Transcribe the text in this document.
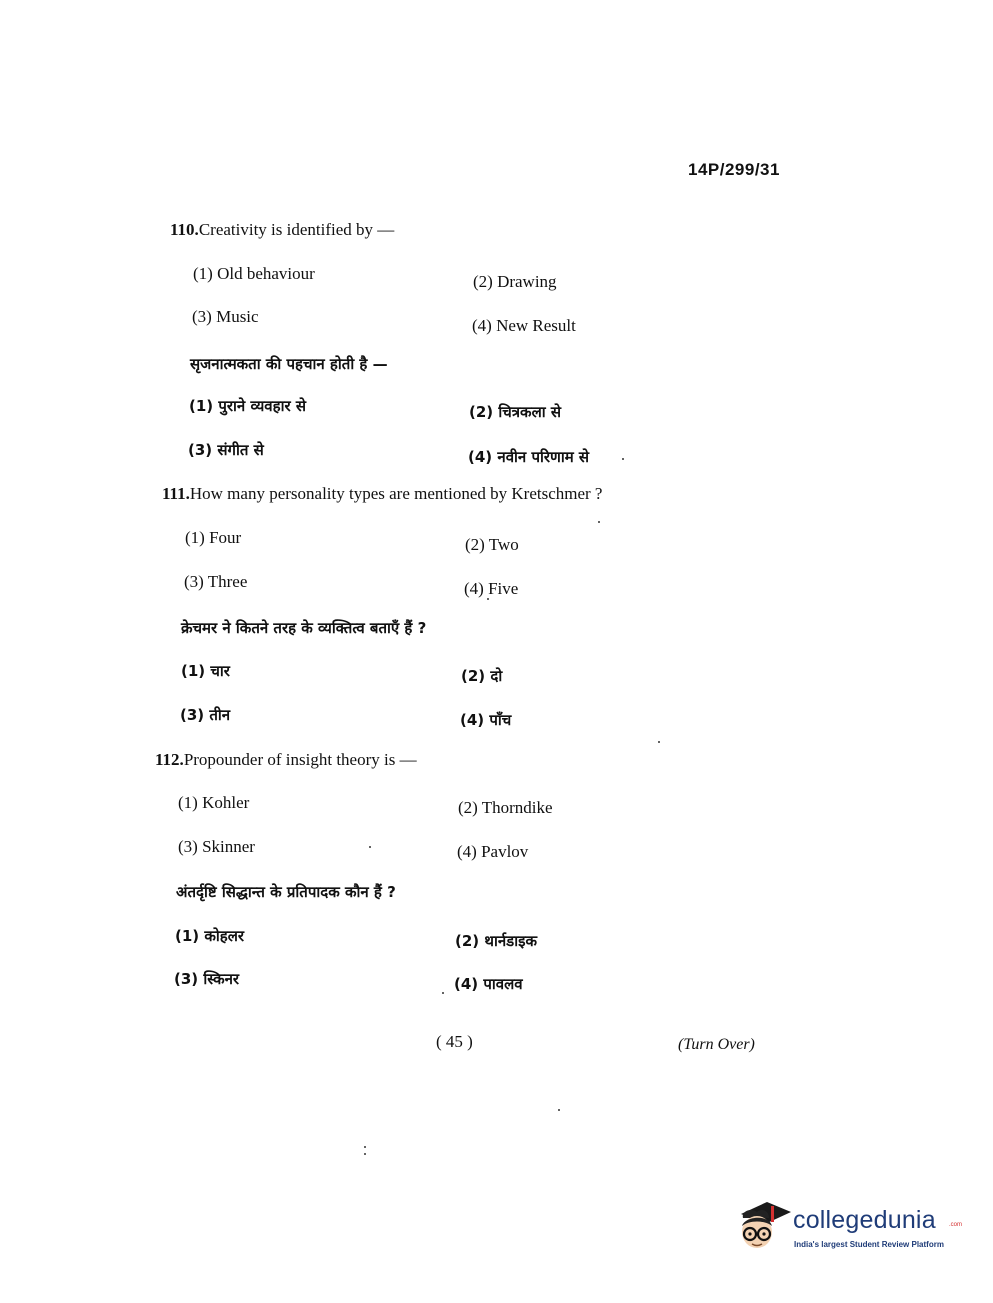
14P/299/31
110.Creativity is identified by —
(1) Old behaviour	(2) Drawing
(3) Music	(4) New Result
सृजनात्मकता की पहचान होती है —
(1) पुराने व्यवहार से	(2) चित्रकला से
(3) संगीत से	(4) नवीन परिणाम से
111.How many personality types are mentioned by Kretschmer ?
(1) Four	(2) Two
(3) Three	(4) Five
क्रेचमर ने कितने तरह के व्यक्तित्व बताएँ हैं ?
(1) चार	(2) दो
(3) तीन	(4) पाँच
112.Propounder of insight theory is —
(1) Kohler	(2) Thorndike
(3) Skinner	(4) Pavlov
अंतर्दृष्टि सिद्धान्त के प्रतिपादक कौन हैं ?
(1) कोहलर	(2) थार्नडाइक
(3) स्किनर	(4) पावलव
( 45 )	(Turn Over)
collegedunia .com
India's largest Student Review Platform
